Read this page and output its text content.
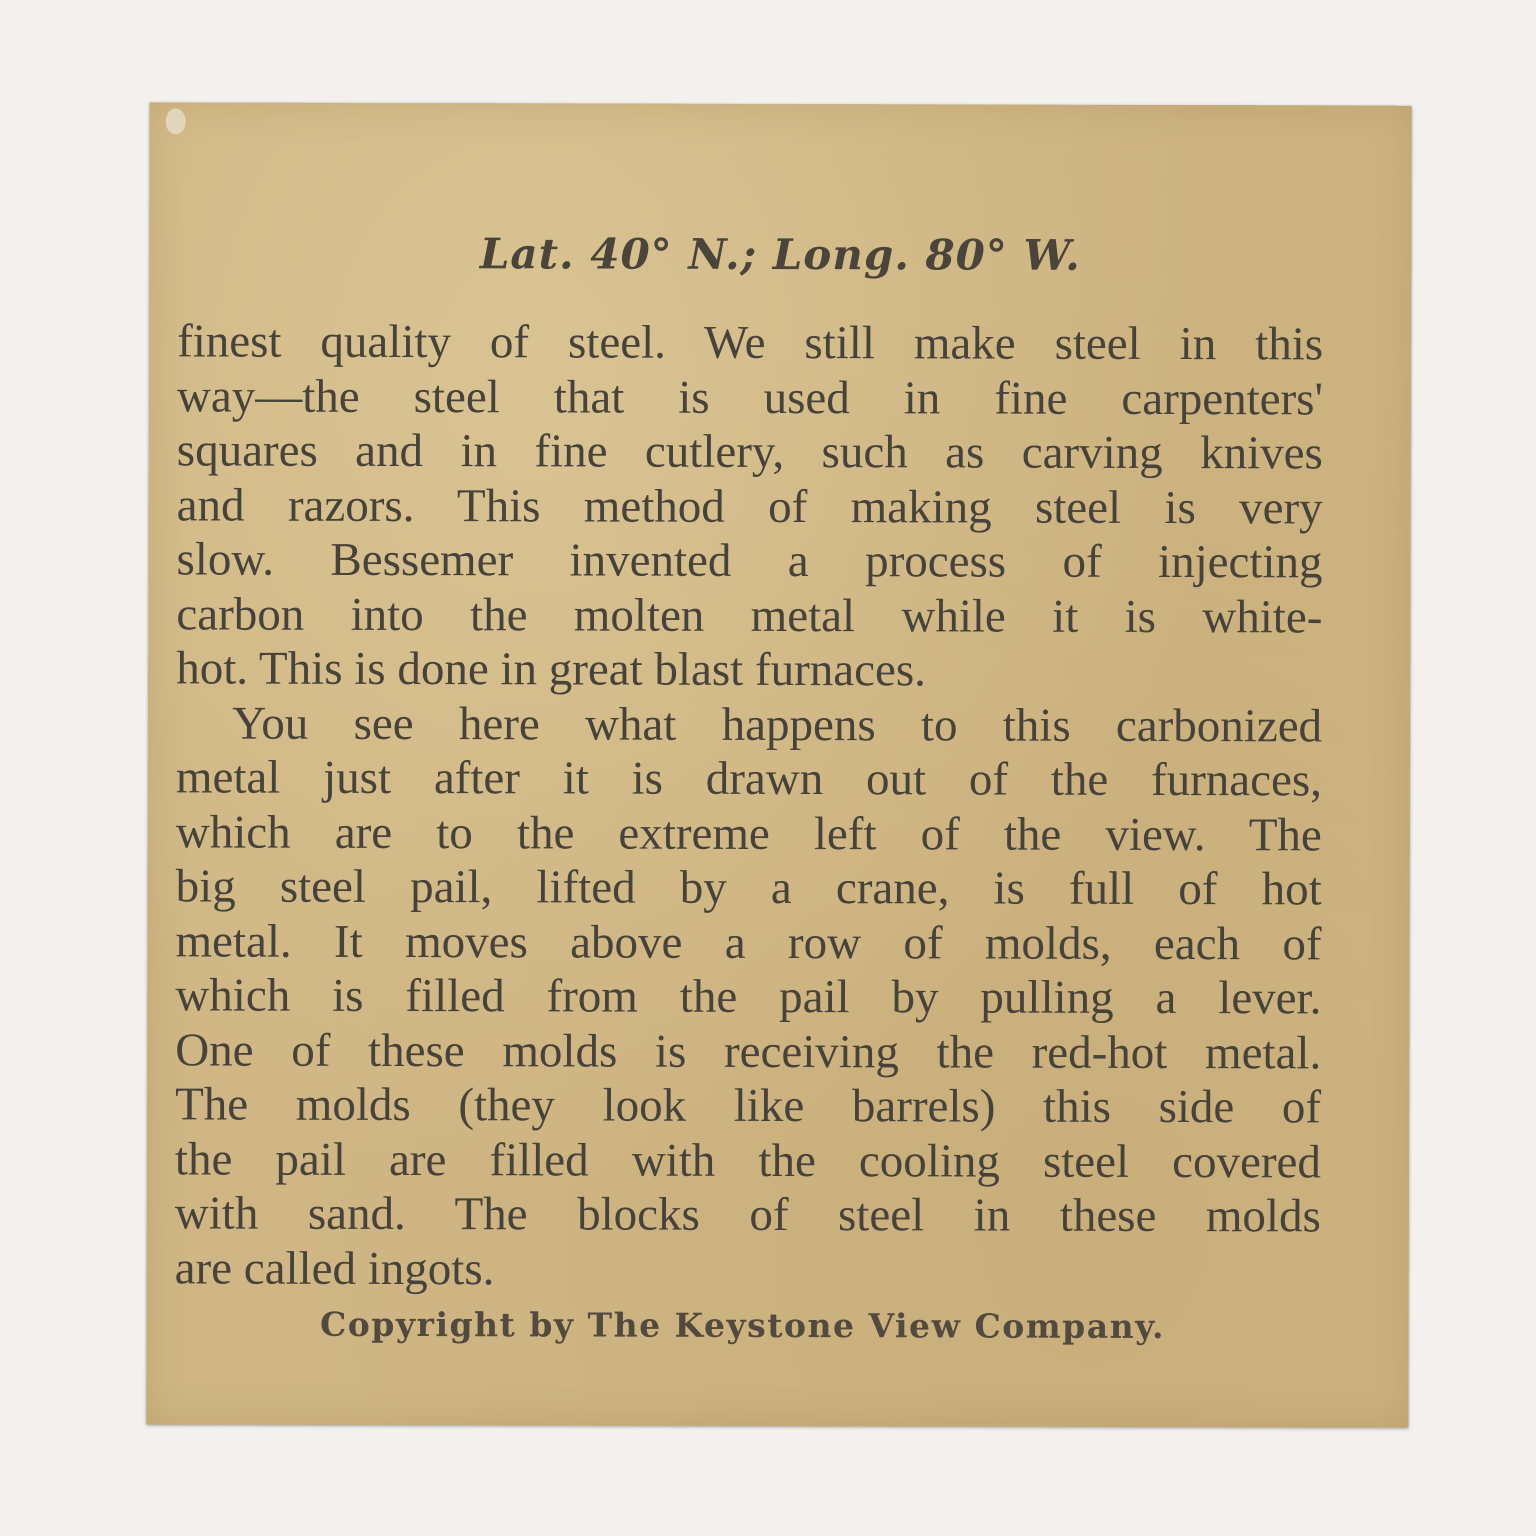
Lat. 40° N.; Long. 80° W.
finest quality of steel. We still make steel in this
way—the steel that is used in fine carpenters'
squares and in fine cutlery, such as carving knives
and razors. This method of making steel is very
slow. Bessemer invented a process of injecting
carbon into the molten metal while it is white-
hot. This is done in great blast furnaces.
You see here what happens to this carbonized
metal just after it is drawn out of the furnaces,
which are to the extreme left of the view. The
big steel pail, lifted by a crane, is full of hot
metal. It moves above a row of molds, each of
which is filled from the pail by pulling a lever.
One of these molds is receiving the red-hot metal.
The molds (they look like barrels) this side of
the pail are filled with the cooling steel covered
with sand. The blocks of steel in these molds
are called ingots.
Copyright by The Keystone View Company.
